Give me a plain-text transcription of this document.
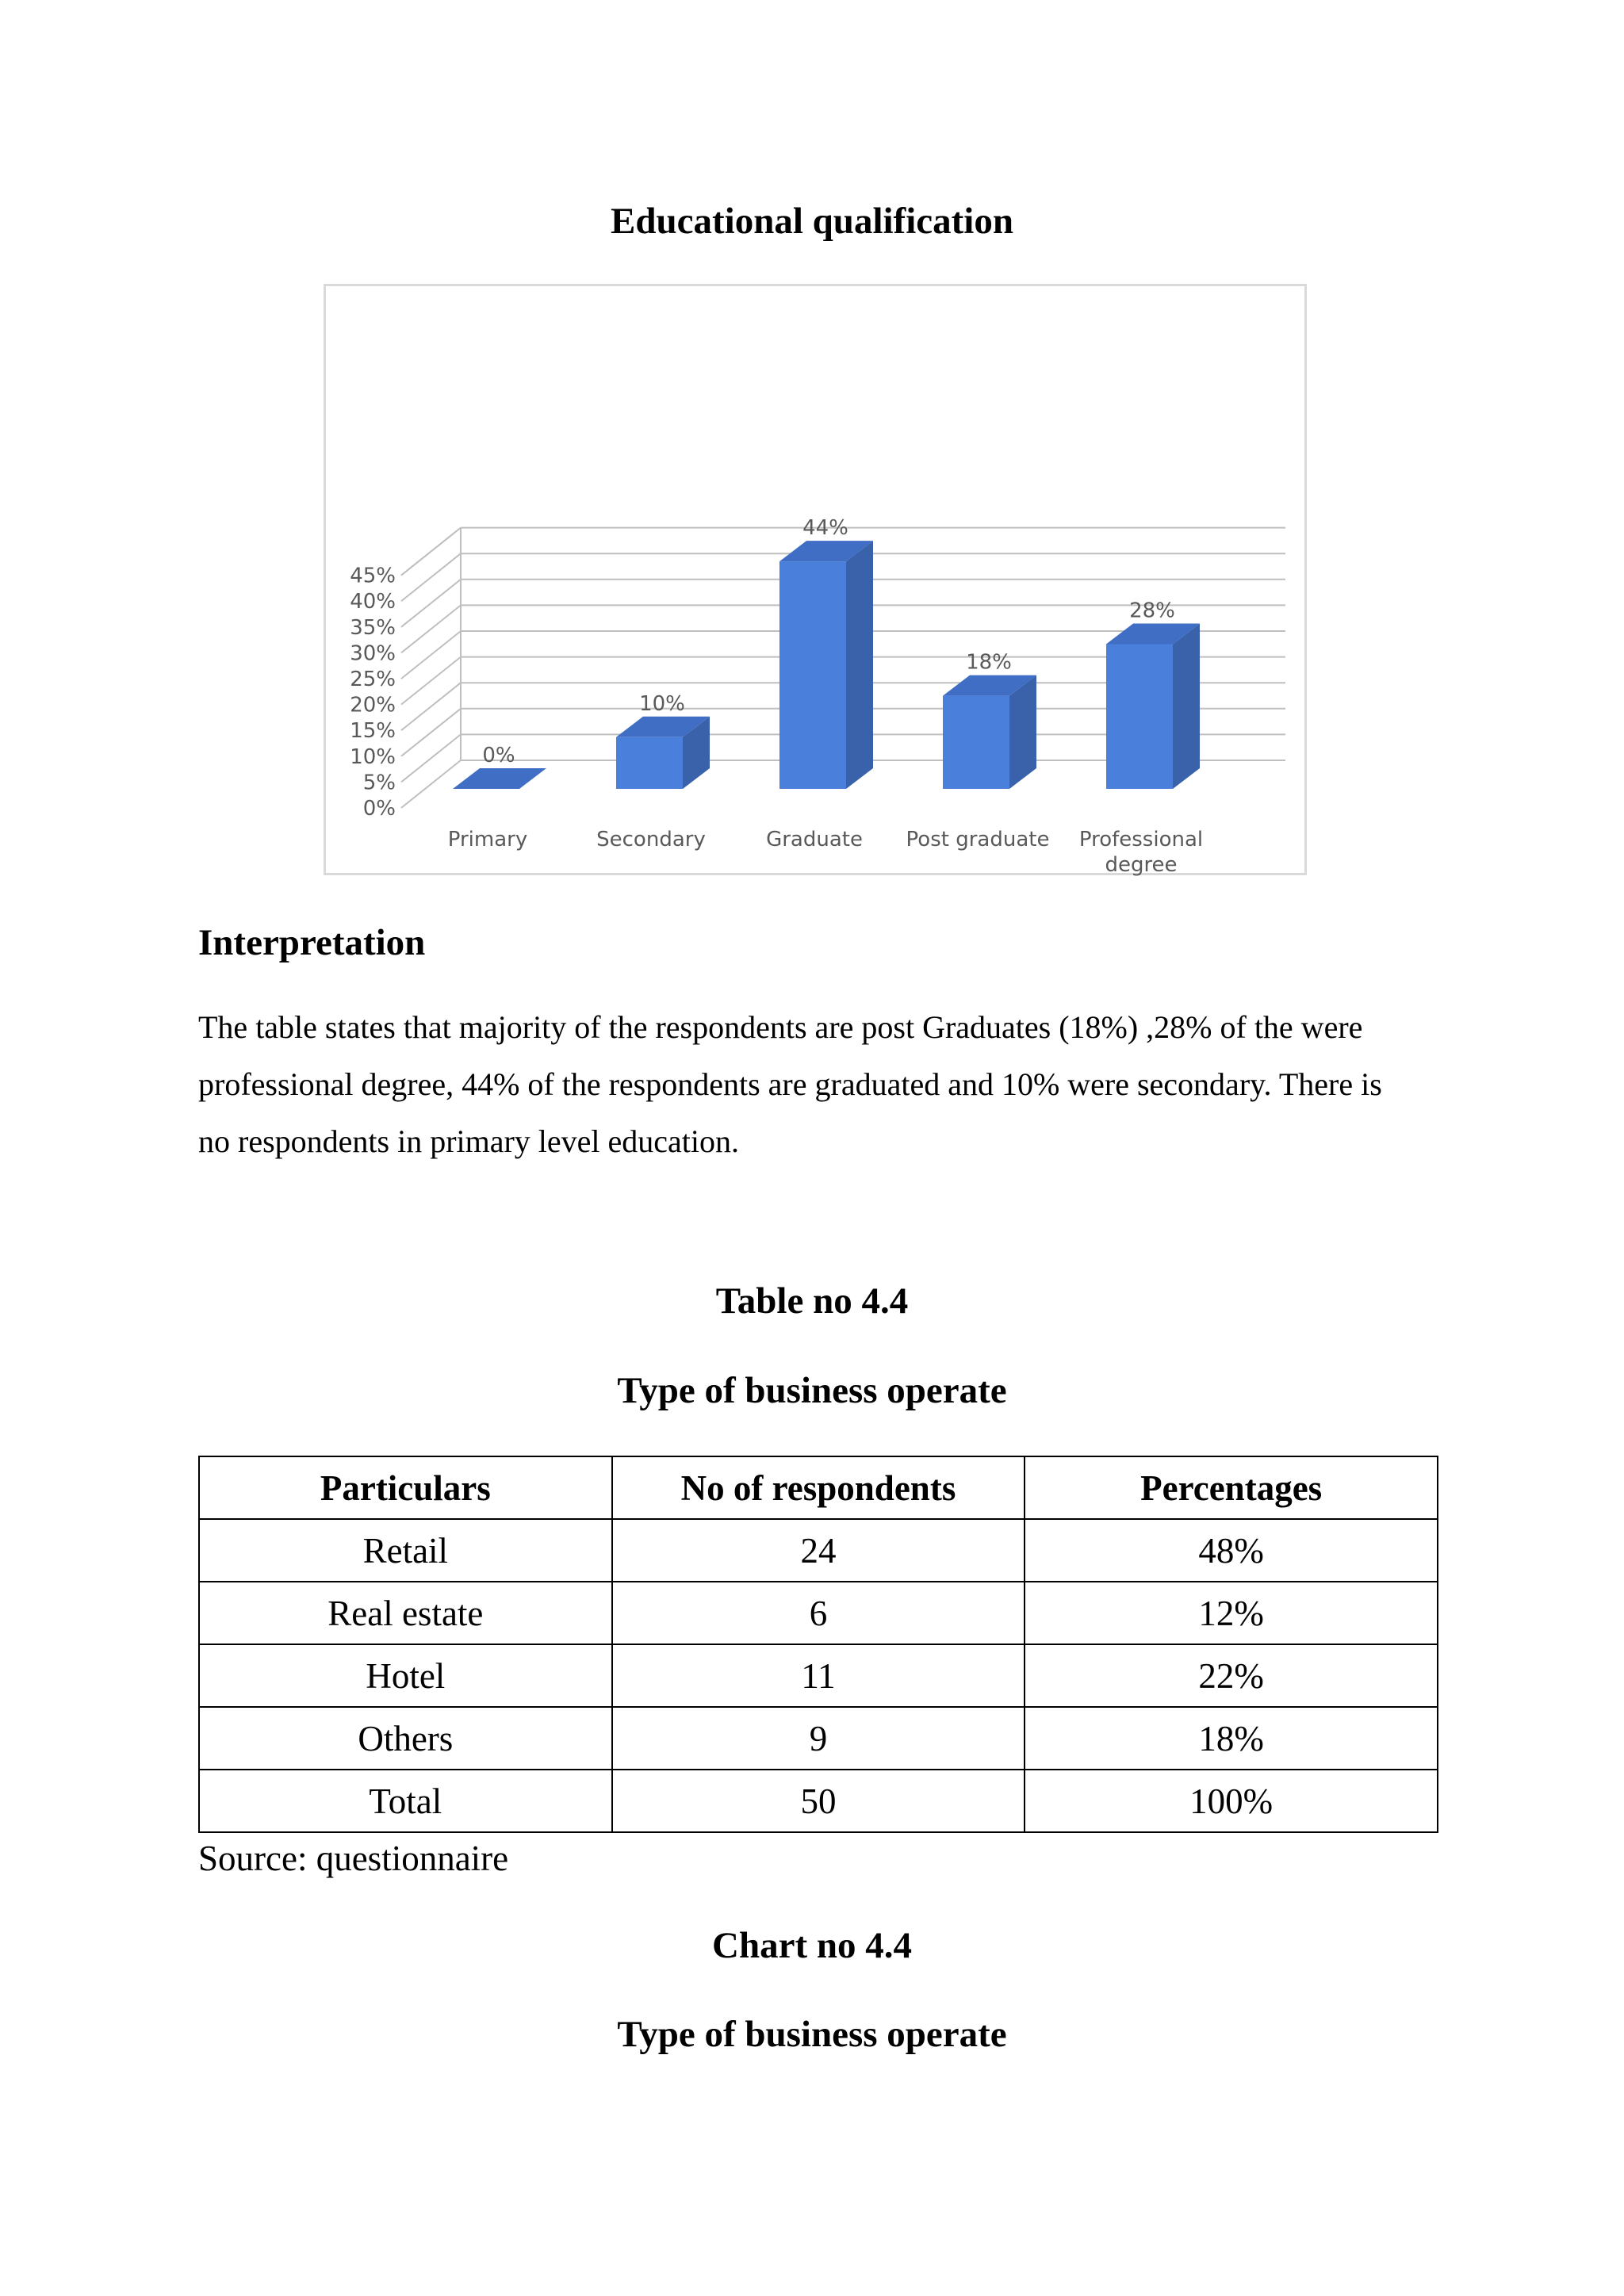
Educational qualification
0%
5%
10%
15%
20%
25%
30%
35%
40%
45%
0%
Primary
10%
Secondary
44%
Graduate
18%
Post graduate
28%
Professional
degree
Interpretation
The table states that majority of the respondents are post Graduates (18%) ,28% of the were
professional degree, 44% of the respondents are graduated and 10% were secondary. There is
no respondents in primary level education.
Table no 4.4
Type of business operate
Particulars	No of respondents	Percentages
Retail	24	48%
Real estate	6	12%
Hotel	11	22%
Others	9	18%
Total	50	100%
Source: questionnaire
Chart no 4.4
Type of business operate
